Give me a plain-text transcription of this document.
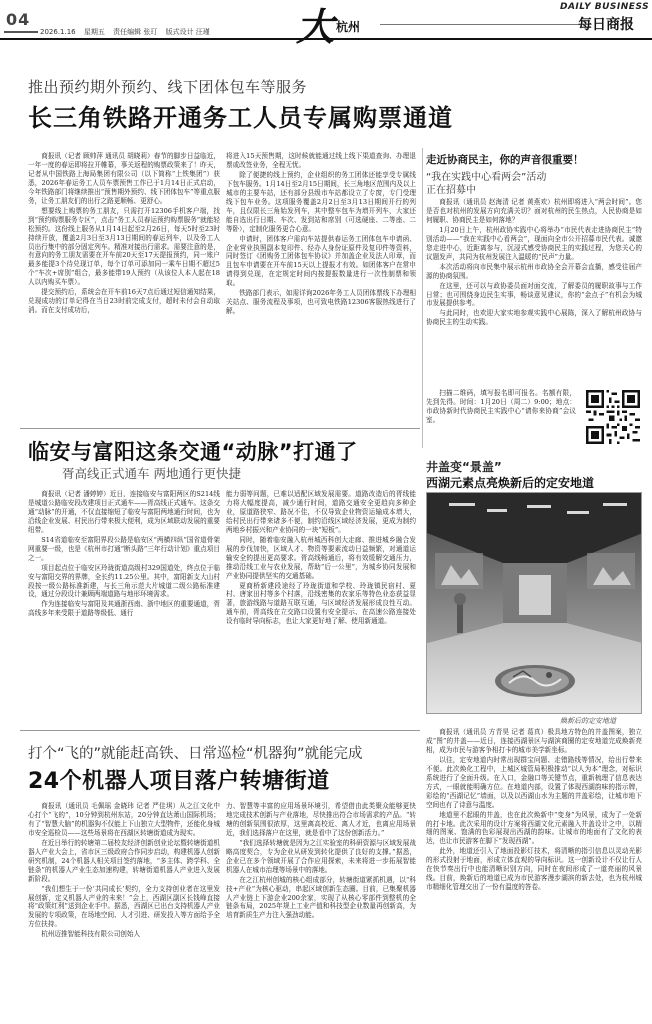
04
2026.1.16 星期五 责任编辑 张玎 版式设计 汪瑾 大 杭州
DAILY BUSINESS
每日商报
推出预约期外预约、线下团体包车等服务
长三角铁路开通务工人员专属购票通道

商报讯（记者 顾帅萍 通讯员 胡晓莉）春节的脚步日益临近，一年一度的春运即将拉开帷幕，事关返程的购票政策来了！昨天，记者从中国铁路上海局集团有限公司（以下简称“上铁集团”）获悉，2026年春运务工人员车票预售工作已于1月14日正式启动，今年铁路部门将继续推出“预售期外预约、线下团体包车”等重点服务，让务工朋友们的出行之路更顺畅、更舒心。

想要线上购票的务工朋友，只需打开12306手机客户端，找到“预约购票服务专区”，点击“务工人员春运预约购票服务”就能轻松预约。这份线上服务从1月14日起至2月26日，每天5时至23时持续开放，覆盖2月3日至3月13日期间的春运列车，以及务工人员出行集中的部分固定列车。精准对接出行需求。需要注意的是，有意向的务工朋友需要在开车前20天至17天提报预约，同一账户最多能提3个待兑现订单，每个订单可添加同一乘车日期不超过5个“车次+席别”组合，最多能带19人预约（从该位人本人起在18人以内购买车票）。

提交预约后，系统会在开车前16天7点后通过短信通知结果，兑现成功的订单记得在当日23时前完成支付，超时未付会自动取消。而在支付成功后，

将进入15天预售期，这时候就能通过线上线下渠道查询、办理退票或改签业务，全程无忧。

除了便捷的线上预约，企业组织的务工团体还能享受专属线下包车服务。1月14日至2月15日期间，长三角地区范围内及以上城市的主要车站，还有部分县级市车站都设立了专窗，专门受理线下包车业务。这项服务覆盖2月2日至3月13日期间开行的列车，且仅限长三角始发列车，其中整车包车为增开列车，大家还能自选出行日期、车次、发到站和席别（可选硬座、二等座、二等卧），定制化服务更合心意。

申请时，团体客户需向车站提供春运务工团体包车申请函、企业营业执照副本复印件、经办人身份证原件及复印件等资料，同时签订《团购务工团体包车协议》并加盖企业及法人印章，而且包车申请要在开车前15天以上提报才有效。如团体客户在常申请得到兑现，在定规定时间内按提报数量进行一次性制票和领取。

铁路部门表示，如需详询2026年务工人员团体票线下办理相关站点、服务流程及事项，也可致电铁路12306客服热线进行了解。

走近协商民主，你的声音很重要！
“我在实践中心看两会”活动
正在招募中

商报讯（通讯员 赵海清 记者 黄燕欢）杭州即将进入“两会时间”。您是否也对杭州的发展方向充满关切？面对杭州的民生热点，人民协商是如何履职、协商民主是如何落地？

1月20日上午，杭州政协实践中心将举办“市民代表走进协商民主”特别活动——“我在实践中心看两会”，现面向全市公开招募市民代表。诚邀您走进中心，近距离参与，沉浸式感受协商民主的实践过程，为您关心的议题发声，共同为杭州发展注入温暖的“民声”力量。

本次活动将向市民集中展示杭州市政协全会开幕会直播，感受往届产源的协商氛围。

在这里，还可以与政协委员面对面交流，了解委员的履职故事与工作日常；也可围绕身边民生实事，畅谈意见建议，你的“金点子”有机会为城市发展提供参考。

与此同时，也欢迎大家实地参观实践中心展陈，深入了解杭州政协与协商民主的生动实践。

扫描二维码，填写报名即可报名。名额有限，先到先得。时间：1月20日（周二）9:00；地点：市政协新时代协商民主实践中心“请你来协商”会议室。

临安与富阳这条交通“动脉”打通了
胥高线正式通车 两地通行更快捷

商报讯（记者 潘婷婷）近日，连接临安与富阳两区的S214线是城道公路临安段改建项目正式通车——胥高线正式通车。这条交通“动脉”的开通，不仅直接缩短了临安与富阳两地通行时间，也为沿线企业发展、村民出行带来极大便利，成为区域联动发展的重要纽带。

S14省道临安至富阳界段公路是临安区“两横四纵”国省道骨架网重要一级，也是《杭州市打通“断头路”三年行动计划》重点项目之一。

项目起点位于临安区玲珑街道高级村329国道处，终点位于临安与富阳交界的界牌，全长约11.25公里。其中，富阳新支大山村段按一级公路标准新建，与长三角示范大片城道二级公路标准建设，通过分段设计兼顾两端道路与地形环境需求。

作为连接临安与富阳及其通浙西南、浙中地区的重要通道，胥高线多年来受限于道路等级低、通行

能力弱等问题，已难以适配区域发展需要。道路改造后的胥线能力将大幅度提高，减少通行时间，道路交通安全更趋向多种企业，原道路狭窄、路况不佳，不仅导致企业物资运输成本增大，给村民出行带来诸多不便，制约沿线区域经济发展，更成为制约两地乡村振兴和产业协同的一块“短板”。

同时，随着临安融入杭州城西科创大走廊、推进城乡融合发展的步伐加快，区域人才、物资等要素流动日益频繁，对通道运输安全的提出更高要求。胥高线畅通后，将有效缓解交通压力，推动沿线工业与农业发展，帮助“后一公里”，为城乡协同发展和产业协同提供坚实的交通基础。

夏商桥新建段途经了玲珑街道和学校、玲珑镇民宿村、夏村、唐家田村等多个村落，沿线密集的农家乐等特色业态获益显著，旅游线路与道路互联互通，与区域经济发展形成良性互动。通车前，胥高线在立交路口设置有安全提示、在高速公路连接处设有临时导向标志，也让大家更好地了解、使用新通道。

井盖变“景盖”
西湖元素点亮焕新后的定安地道
焕新后的定安地道

商报讯（通讯员 方青昊 记者 葛真）极具地方特色的井盖图案，独立成“图”的井盖——近日，连接西湖景区与湖滨商圈的定安地道完成焕新亮相，成为市民与游客争相打卡的城市美学新坐标。

以往，定安地道内时常出现群宝问题、走错路线等情况，给出行带来不便。此次焕化工程中，上城区城管局积极推动“以人为本”理念，对标识系统进行了全面升级。在入口，金融口等关键节点，重新梳理了信息表达方式，一眼就能明确方位。在地道内部，设置了体现西湖韵味的指示牌，彩绘的“西湖记忆”墙面，以及以西湖山水为主题的井盖彩绘，让城市地下空间也有了诗意与温度。

地道里不起眼的井盖，也在此次焕新中“变身”为风景，成为了一处新的打卡地。此次采用的设计方案将西湖文化元素融入井盖设计之中，以精细的图案、饱满的色彩展现出西湖的韵味。让城市的地面有了文化的表达，也让市民游客在脚下“发现西湖”。

此外，地道还引入了地面投影灯技术，将清晰的指引信息以灵动光影的形式投射于地面，形成立体直观的导向标识。这一创新设计不仅让行人在快节奏出行中也能清晰识别方向，同时在夜间形成了一道亮丽的风景线。目前，焕新后的地道已成为市民游客漫步湖滨的新去处，也为杭州城市精细化管理交出了一份有温度的答卷。

打个“飞的”就能赶高铁、日常巡检“机器狗”就能完成
24个机器人项目落户转塘街道

商报讯（通讯员 毛佩瑶 金晓玮 记者 严佳琪）从之江文化中心打个“飞的”，10分钟到杭州东站，20分钟直达萧山国际机场；有了“智慧大脑”的机器狗不仅能上下山独立大型物件，还能化身城市安全巡检员——这些场景将在西湖区转塘街道成为现实。

在近日举行的转塘第二届校友经济创新创业论坛暨转塘街道机器人产业大会上，省市区三级政府合作同步启动，构建机器人创新研究机制，24个机器人相关项目签约落地，“多主体、跨学科、全链条”的机器人产业生态加速构建，转塘街道机器人产业进入发展新阶段。

“我们想生于一份‘共同成长’契约，全力支持创业者在这里发展创新，定义机器人产业的未来！”会上，西湖区副区长钱峰直接将“政策红利”送到企业手中。据悉，西湖区已出台支持机器人产业发展的专项政策，在场地空间、人才引进、研发投入等方面给予全方位扶持。

杭州迈推智能科技有限公司创始人

力、智慧等丰富的应用场景环境引，希望借由此类聚众能够更快地完成技术创新与产业落地，尽快推出符合市场需求的产品。“转塘的创新氛围很浓厚，这里离高校近、离人才近，也离应用场景近，我们选择落户在这里，就是看中了这份创新活力。”

“我们选择转塘就是因为之江实验室的科研资源与区域发展战略高度契合，专为企业从研发到转化提供了良好的支撑。”据悉，企业已在多个领域开展了合作应用探索，未来将进一步拓展智能机器人在城市治理等场景中的落地。

在之江杭州创城的核心组成部分，转塘街道紧抓机遇，以“科技+产业”为核心驱动，串起区域创新生态圈。目前，已集聚机器人产业链上下游企业200余家，实现了从核心零部件到整机的全链条布局，2025年规上工业产值和科技型企业数量再创新高，为培育新质生产力注入强劲动能。
